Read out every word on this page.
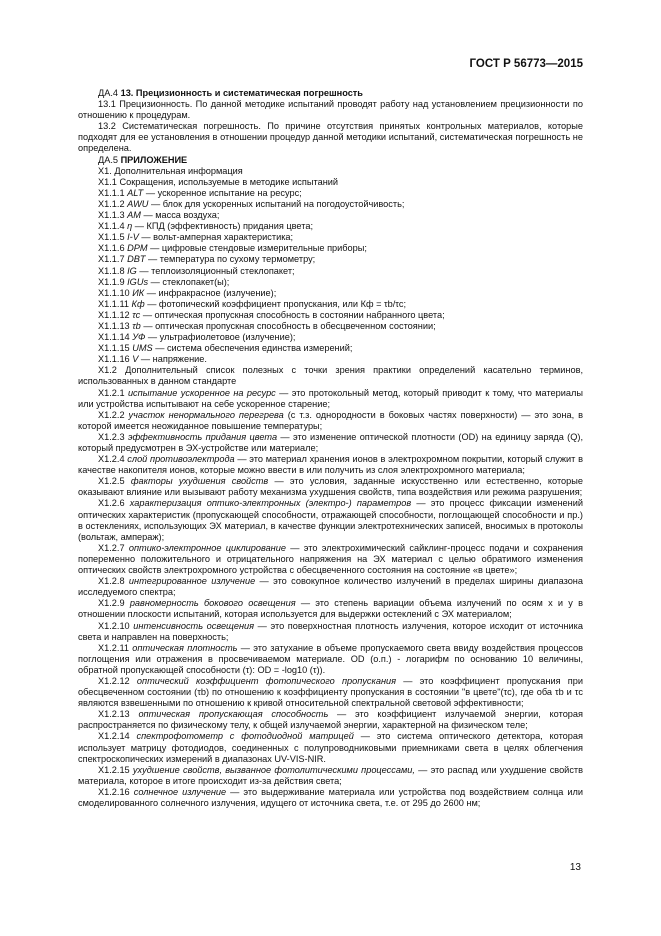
ГОСТ Р 56773—2015

ДА.4 13. Прецизионность и систематическая погрешность

13.1 Прецизионность. По данной методике испытаний проводят работу над установлением прецизионности по отношению к процедурам.

13.2 Систематическая погрешность. По причине отсутствия принятых контрольных материалов, которые подходят для ее установления в отношении процедур данной методики испытаний, систематическая погрешность не определена.

ДА.5 ПРИЛОЖЕНИЕ

Х1. Дополнительная информация

Х1.1 Сокращения, используемые в методике испытаний

Х1.1.1 ALT — ускоренное испытание на ресурс;

Х1.1.2 AWU — блок для ускоренных испытаний на погодоустойчивость;

Х1.1.3 АМ — масса воздуха;

Х1.1.4 η — КПД (эффективность) придания цвета;

Х1.1.5 I-V — вольт-амперная характеристика;

Х1.1.6 DPM — цифровые стендовые измерительные приборы;

Х1.1.7 DBT — температура по сухому термометру;

Х1.1.8 IG — теплоизоляционный стеклопакет;

Х1.1.9 IGUs — стеклопакет(ы);

Х1.1.10 ИК — инфракрасное (излучение);

Х1.1.11 Кф — фотопический коэффициент пропускания, или Кф = τb/τc;

Х1.1.12 τc — оптическая пропускная способность в состоянии набранного цвета;

Х1.1.13 τb — оптическая пропускная способность в обесцвеченном состоянии;

Х1.1.14 УФ — ультрафиолетовое (излучение);

Х1.1.15 UMS — система обеспечения единства измерений;

Х1.1.16 V — напряжение.

Х1.2 Дополнительный список полезных с точки зрения практики определений касательно терминов, использованных в данном стандарте

Х1.2.1 испытание ускоренное на ресурс — это протокольный метод, который приводит к тому, что материалы или устройства испытывают на себе ускоренное старение;

Х1.2.2 участок ненормального перегрева (с т.з. однородности в боковых частях поверхности) — это зона, в которой имеется неожиданное повышение температуры;

Х1.2.3 эффективность придания цвета — это изменение оптической плотности (OD) на единицу заряда (Q), который предусмотрен в ЭХ-устройстве или материале;

Х1.2.4 слой противоэлектрода — это материал хранения ионов в электрохромном покрытии, который служит в качестве накопителя ионов, которые можно ввести в или получить из слоя электрохромного материала;

Х1.2.5 факторы ухудшения свойств — это условия, заданные искусственно или естественно, которые оказывают влияние или вызывают работу механизма ухудшения свойств, типа воздействия или режима разрушения;

Х1.2.6 характеризация оптико-электронных (электро-) параметров — это процесс фиксации изменений оптических характеристик (пропускающей способности, отражающей способности, поглощающей способности и пр.) в остеклениях, использующих ЭХ материал, в качестве функции электротехнических записей, вносимых в протоколы (вольтаж, ампераж);

Х1.2.7 оптико-электронное циклирование — это электрохимический сайклинг-процесс подачи и сохранения попеременно положительного и отрицательного напряжения на ЭХ материал с целью обратимого изменения оптических свойств электрохромного устройства с обесцвеченного состояния на состояние «в цвете»;

Х1.2.8 интегрированное излучение — это совокупное количество излучений в пределах ширины диапазона исследуемого спектра;

Х1.2.9 равномерность бокового освещения — это степень вариации объема излучений по осям x и y в отношении плоскости испытаний, которая используется для выдержки остеклений с ЭХ материалом;

Х1.2.10 интенсивность освещения — это поверхностная плотность излучения, которое исходит от источника света и направлен на поверхность;

Х1.2.11 оптическая плотность — это затухание в объеме пропускаемого света ввиду воздействия процессов поглощения или отражения в просвечиваемом материале. OD (о.п.) - логарифм по основанию 10 величины, обратной пропускающей способности (τ): OD = -log10 (τ)).

Х1.2.12 оптический коэффициент фотопического пропускания — это коэффициент пропускания при обесцвеченном состоянии (τb) по отношению к коэффициенту пропускания в состоянии "в цвете"(τc), где оба τb и τc являются взвешенными по отношению к кривой относительной спектральной световой эффективности;

Х1.2.13 оптическая пропускающая способность — это коэффициент излучаемой энергии, которая распространяется по физическому телу, к общей излучаемой энергии, характерной на физическом теле;

Х1.2.14 спектрофотометр с фотодиодной матрицей — это система оптического детектора, которая использует матрицу фотодиодов, соединенных с полупроводниковыми приемниками света в целях облегчения спектроскопических измерений в диапазонах UV-VIS-NIR.

Х1.2.15 ухудшение свойств, вызванное фотолитическими процессами, — это распад или ухудшение свойств материала, которое в итоге происходит из-за действия света;

Х1.2.16 солнечное излучение — это выдерживание материала или устройства под воздействием солнца или смоделированного солнечного излучения, идущего от источника света, т.е. от 295 до 2600 нм;

13
